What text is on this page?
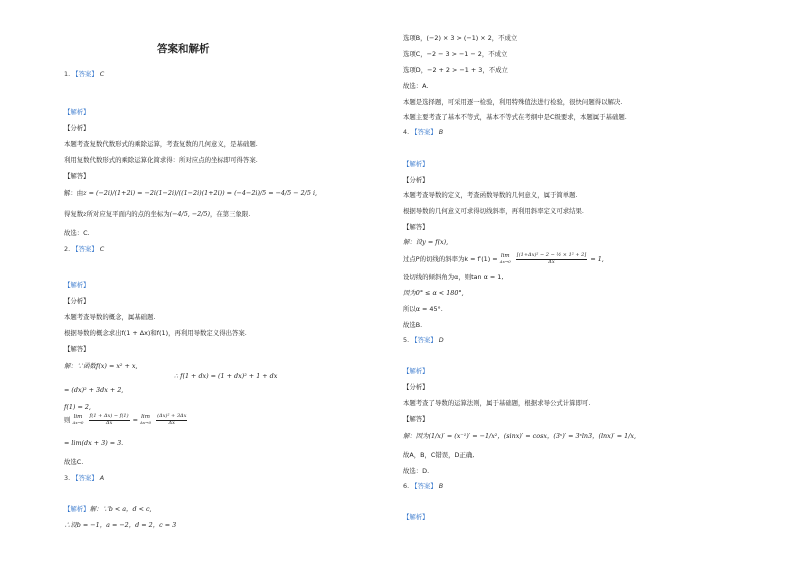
答案和解析
1. 【答案】 C
【解析】
【分析】
本题考查复数代数形式的乘除运算，考查复数的几何意义，是基础题.
利用复数代数形式的乘除运算化简求得：所对应点的坐标即可得答案.
【解答】
解：由z = (−2i)/(1+2i) = −2i(1−2i)/((1−2i)(1+2i)) = (−4−2i)/5 = −4/5 − 2/5 i,
得复数z所对应复平面内的点的坐标为(−4/5, −2/5)，在第三象限.
故选：C.
2. 【答案】 C
【解析】
【分析】
本题考查导数的概念，属基础题.
根据导数的概念求出f(1 + Δx)和f(1)，再利用导数定义得出答案.
【解答】
解：∵函数f(x) = x² + x,
∴ f(1 + dx) = (1 + dx)² + 1 + dx
= (dx)² + 3dx + 2,
f(1) = 2,
则 lim
Δx→0
$\frac{f(1 + \Delta x) - f(1)}{\Delta x} = \lim$
Δx→0
$\frac{\text{(Δx)² + 3Δx}}{\Delta x}$
= lim(dx + 3) = 3.
故选C.
3. 【答案】 A
【解析】解：∵b < a，d < c,
∴设b = −1，a = −2，d = 2，c = 3
选项B，(−2) × 3 > (−1) × 2，不成立
选项C，−2 − 3 > −1 − 2，不成立
选项D，−2 + 2 > −1 + 3，不成立
故选：A.
本题是选择题，可采用逐一检验，利用特殊值法进行检验，很快问题得以解决.
本题主要考查了基本不等式，基本不等式在考纲中是C级要求，本题属于基础题.
4. 【答案】 B
【解析】
【分析】
本题考查导数的定义，考查函数导数的几何意义，属于简单题.
根据导数的几何意义可求得切线斜率，再利用斜率定义可求结果.
【解答】
解：设y = f(x),
过点P的切线的斜率为k = f′(1) = lim
Δx→0
$\frac{\text{[(1+Δx)² − 2 − ½ × 1² + 2]}}{\Delta x} = 1$,
设切线的倾斜角为α，则tan α = 1,
因为0° ≤ α < 180°,
所以α = 45°.
故选B.
5. 【答案】 D
【解析】
【分析】
本题考查了导数的运算法则，属于基础题，根据求导公式计算即可.
【解答】
解：因为(1/x)′ = (x⁻¹)′ = −1/x²，(sinx)′ = cosx，(3ˣ)′ = 3ˣln3，(lnx)′ = 1/x,
故A，B，C错误，D正确,
故选：D.
6. 【答案】 B
【解析】
